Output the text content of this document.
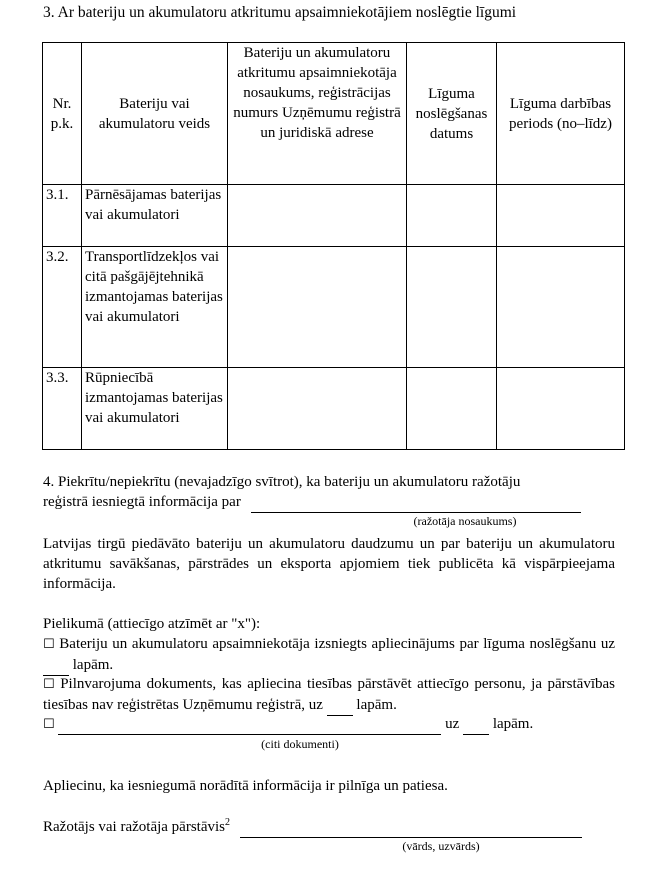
3. Ar bateriju un akumulatoru atkritumu apsaimniekotājiem noslēgtie līgumi
Nr. p.k.	Bateriju vai akumulatoru veids	Bateriju un akumulatoru atkritumu apsaimniekotāja nosaukums, reģistrācijas numurs Uzņēmumu reģistrā un juridiskā adrese	Līguma noslēgšanas datums	Līguma darbības periods (no–līdz)
3.1.	Pārnēsājamas baterijas vai akumulatori			
3.2.	Transportlīdzekļos vai citā pašgājējtehnikā izmantojamas baterijas vai akumulatori			
3.3.	Rūpniecībā izmantojamas baterijas vai akumulatori			
4. Piekrītu/nepiekrītu (nevajadzīgo svītrot), ka bateriju un akumulatoru ražotāju
reģistrā iesniegtā informācija par
(ražotāja nosaukums)
Latvijas tirgū piedāvāto bateriju un akumulatoru daudzumu un par bateriju un akumulatoru atkritumu savākšanas, pārstrādes un eksporta apjomiem tiek publicēta kā vispārpieejama informācija.
Pielikumā (attiecīgo atzīmēt ar "x"):
☐ Bateriju un akumulatoru apsaimniekotāja izsniegts apliecinājums par līguma noslēgšanu uz   lapām.
☐ Pilnvarojuma dokuments, kas apliecina tiesības pārstāvēt attiecīgo personu, ja pārstāvības tiesības nav reģistrētas Uzņēmumu reģistrā, uz lapām.
☐	uz lapām.
(citi dokumenti)
Apliecinu, ka iesniegumā norādītā informācija ir pilnīga un patiesa.
Ražotājs vai ražotāja pārstāvis$^2$
(vārds, uzvārds)
